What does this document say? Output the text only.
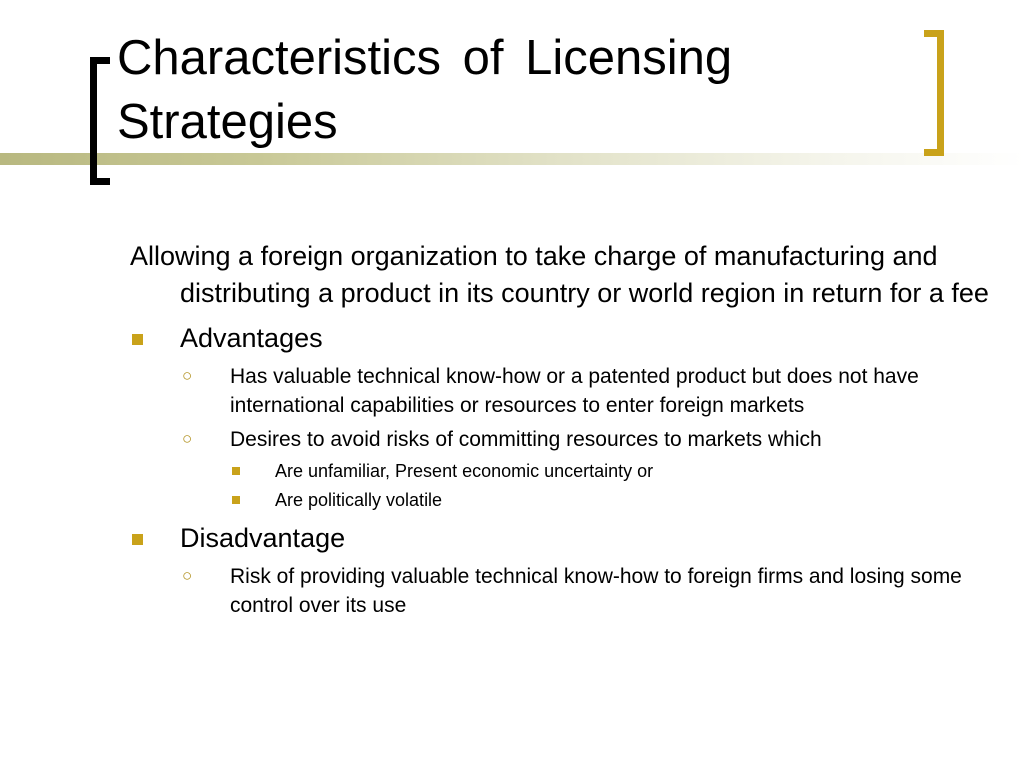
Characteristics of Licensing Strategies

Allowing a foreign organization to take charge of manufacturing and distributing a product in its country or world region in return for a fee

Advantages
○ Has valuable technical know-how or a patented product but does not have international capabilities or resources to enter foreign markets
○ Desires to avoid risks of committing resources to markets which
Are unfamiliar, Present economic uncertainty or
Are politically volatile
Disadvantage
○ Risk of providing valuable technical know-how to foreign firms and losing some control over its use
